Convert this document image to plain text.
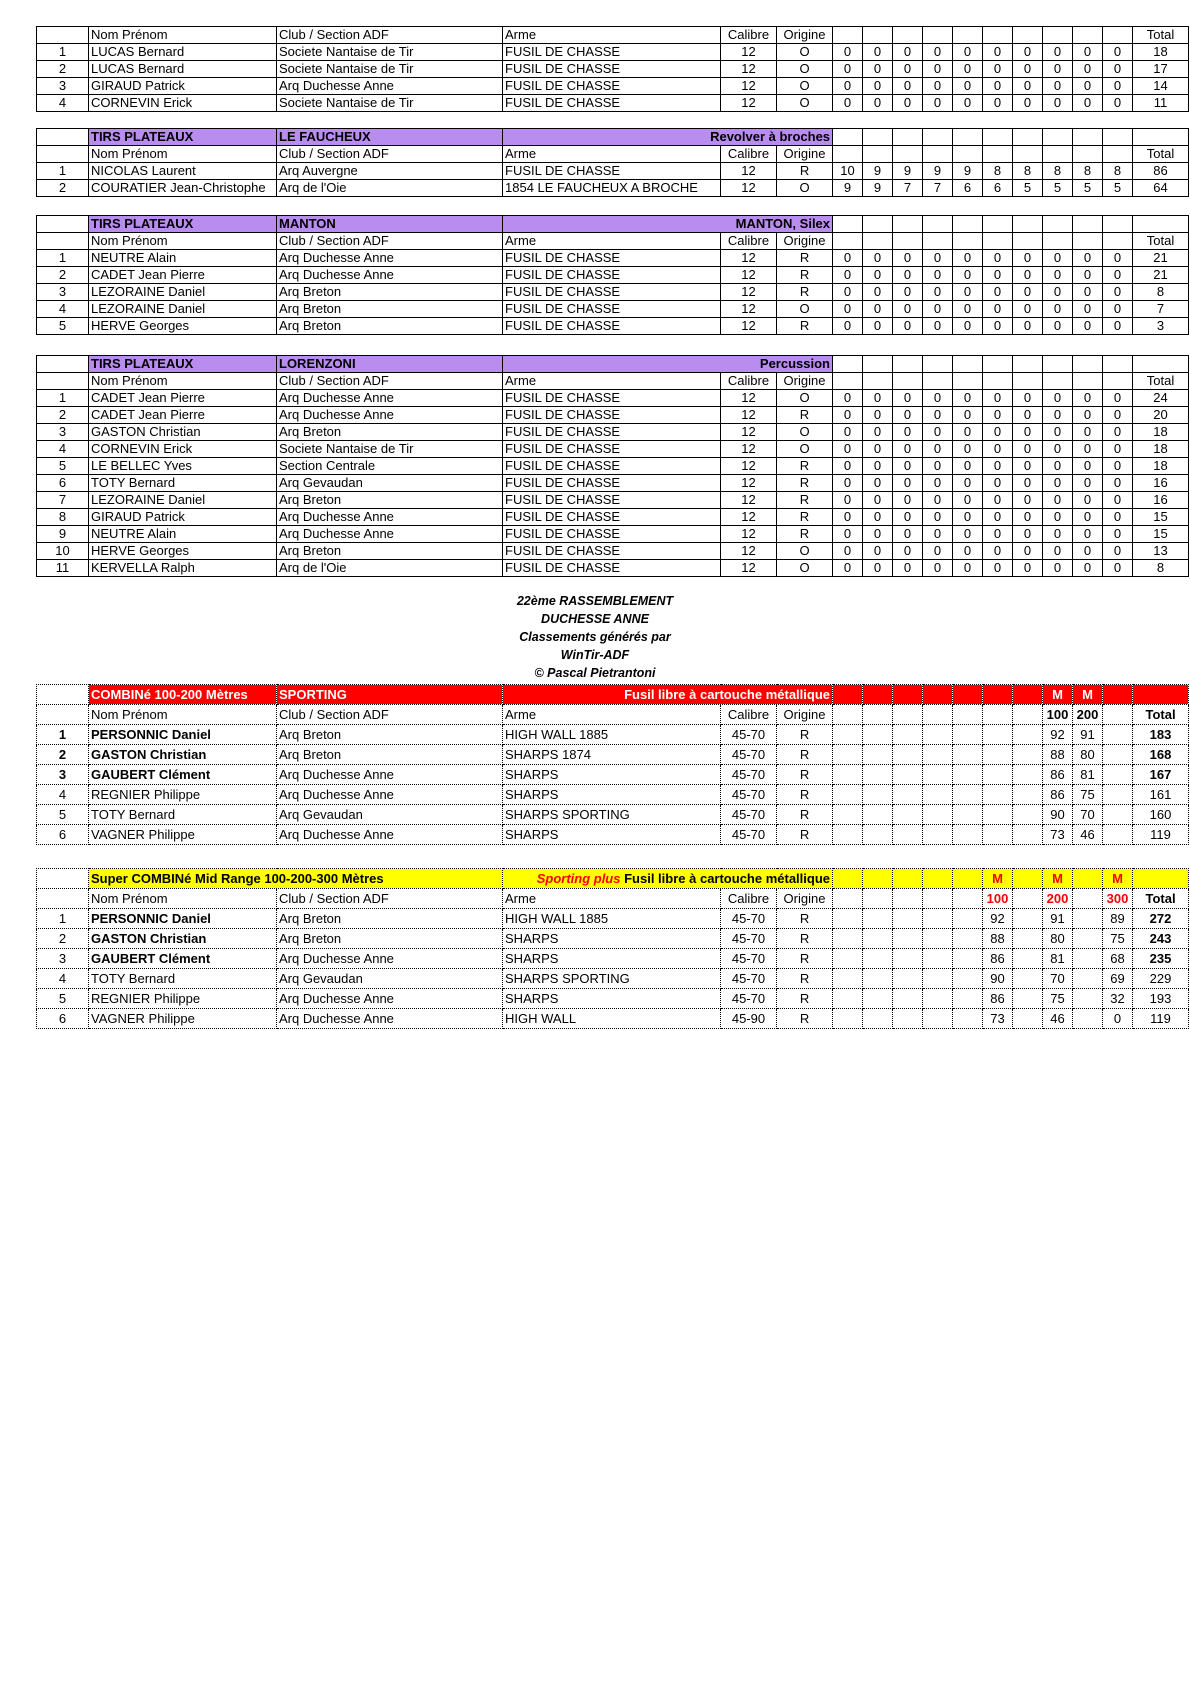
	Nom Prénom	Club / Section ADF	Arme	Calibre	Origine											Total
1	LUCAS Bernard	Societe Nantaise de Tir	FUSIL DE CHASSE	12	O	0	0	0	0	0	0	0	0	0	0	18
2	LUCAS Bernard	Societe Nantaise de Tir	FUSIL DE CHASSE	12	O	0	0	0	0	0	0	0	0	0	0	17
3	GIRAUD Patrick	Arq Duchesse Anne	FUSIL DE CHASSE	12	O	0	0	0	0	0	0	0	0	0	0	14
4	CORNEVIN Erick	Societe Nantaise de Tir	FUSIL DE CHASSE	12	O	0	0	0	0	0	0	0	0	0	0	11
	TIRS PLATEAUX	LE FAUCHEUX	Revolver à broches													
	Nom Prénom	Club / Section ADF	Arme	Calibre	Origine											Total
1	NICOLAS Laurent	Arq Auvergne	FUSIL DE CHASSE	12	R	10	9	9	9	9	8	8	8	8	8	86
2	COURATIER Jean-Christophe	Arq de l'Oie	1854 LE FAUCHEUX A BROCHE	12	O	9	9	7	7	6	6	5	5	5	5	64
	TIRS PLATEAUX	MANTON	MANTON, Silex													
	Nom Prénom	Club / Section ADF	Arme	Calibre	Origine											Total
1	NEUTRE Alain	Arq Duchesse Anne	FUSIL DE CHASSE	12	R	0	0	0	0	0	0	0	0	0	0	21
2	CADET Jean Pierre	Arq Duchesse Anne	FUSIL DE CHASSE	12	R	0	0	0	0	0	0	0	0	0	0	21
3	LEZORAINE Daniel	Arq Breton	FUSIL DE CHASSE	12	R	0	0	0	0	0	0	0	0	0	0	8
4	LEZORAINE Daniel	Arq Breton	FUSIL DE CHASSE	12	O	0	0	0	0	0	0	0	0	0	0	7
5	HERVE Georges	Arq Breton	FUSIL DE CHASSE	12	R	0	0	0	0	0	0	0	0	0	0	3
	TIRS PLATEAUX	LORENZONI	Percussion													
	Nom Prénom	Club / Section ADF	Arme	Calibre	Origine											Total
1	CADET Jean Pierre	Arq Duchesse Anne	FUSIL DE CHASSE	12	O	0	0	0	0	0	0	0	0	0	0	24
2	CADET Jean Pierre	Arq Duchesse Anne	FUSIL DE CHASSE	12	R	0	0	0	0	0	0	0	0	0	0	20
3	GASTON Christian	Arq Breton	FUSIL DE CHASSE	12	O	0	0	0	0	0	0	0	0	0	0	18
4	CORNEVIN Erick	Societe Nantaise de Tir	FUSIL DE CHASSE	12	O	0	0	0	0	0	0	0	0	0	0	18
5	LE BELLEC Yves	Section Centrale	FUSIL DE CHASSE	12	R	0	0	0	0	0	0	0	0	0	0	18
6	TOTY Bernard	Arq Gevaudan	FUSIL DE CHASSE	12	R	0	0	0	0	0	0	0	0	0	0	16
7	LEZORAINE Daniel	Arq Breton	FUSIL DE CHASSE	12	R	0	0	0	0	0	0	0	0	0	0	16
8	GIRAUD Patrick	Arq Duchesse Anne	FUSIL DE CHASSE	12	R	0	0	0	0	0	0	0	0	0	0	15
9	NEUTRE Alain	Arq Duchesse Anne	FUSIL DE CHASSE	12	R	0	0	0	0	0	0	0	0	0	0	15
10	HERVE Georges	Arq Breton	FUSIL DE CHASSE	12	O	0	0	0	0	0	0	0	0	0	0	13
11	KERVELLA Ralph	Arq de l'Oie	FUSIL DE CHASSE	12	O	0	0	0	0	0	0	0	0	0	0	8
22ème RASSEMBLEMENT
DUCHESSE ANNE
Classements générés par
WinTir-ADF
© Pascal Pietrantoni
	COMBINé 100-200 Mètres	SPORTING	Fusil libre à cartouche métallique										M	M		
	Nom Prénom	Club / Section ADF	Arme	Calibre	Origine								100	200		Total
1	PERSONNIC Daniel	Arq Breton	HIGH WALL 1885	45-70	R								92	91		183
2	GASTON Christian	Arq Breton	SHARPS 1874	45-70	R								88	80		168
3	GAUBERT Clément	Arq Duchesse Anne	SHARPS	45-70	R								86	81		167
4	REGNIER Philippe	Arq Duchesse Anne	SHARPS	45-70	R								86	75		161
5	TOTY Bernard	Arq Gevaudan	SHARPS SPORTING	45-70	R								90	70		160
6	VAGNER Philippe	Arq Duchesse Anne	SHARPS	45-70	R								73	46		119
	Super COMBINé Mid Range 100-200-300 Mètres		Sporting plus Fusil libre à cartouche métallique								M		M		M	
	Nom Prénom	Club / Section ADF	Arme	Calibre	Origine						100		200		300	Total
1	PERSONNIC Daniel	Arq Breton	HIGH WALL 1885	45-70	R						92		91		89	272
2	GASTON Christian	Arq Breton	SHARPS	45-70	R						88		80		75	243
3	GAUBERT Clément	Arq Duchesse Anne	SHARPS	45-70	R						86		81		68	235
4	TOTY Bernard	Arq Gevaudan	SHARPS SPORTING	45-70	R						90		70		69	229
5	REGNIER Philippe	Arq Duchesse Anne	SHARPS	45-70	R						86		75		32	193
6	VAGNER Philippe	Arq Duchesse Anne	HIGH WALL	45-90	R						73		46		0	119
